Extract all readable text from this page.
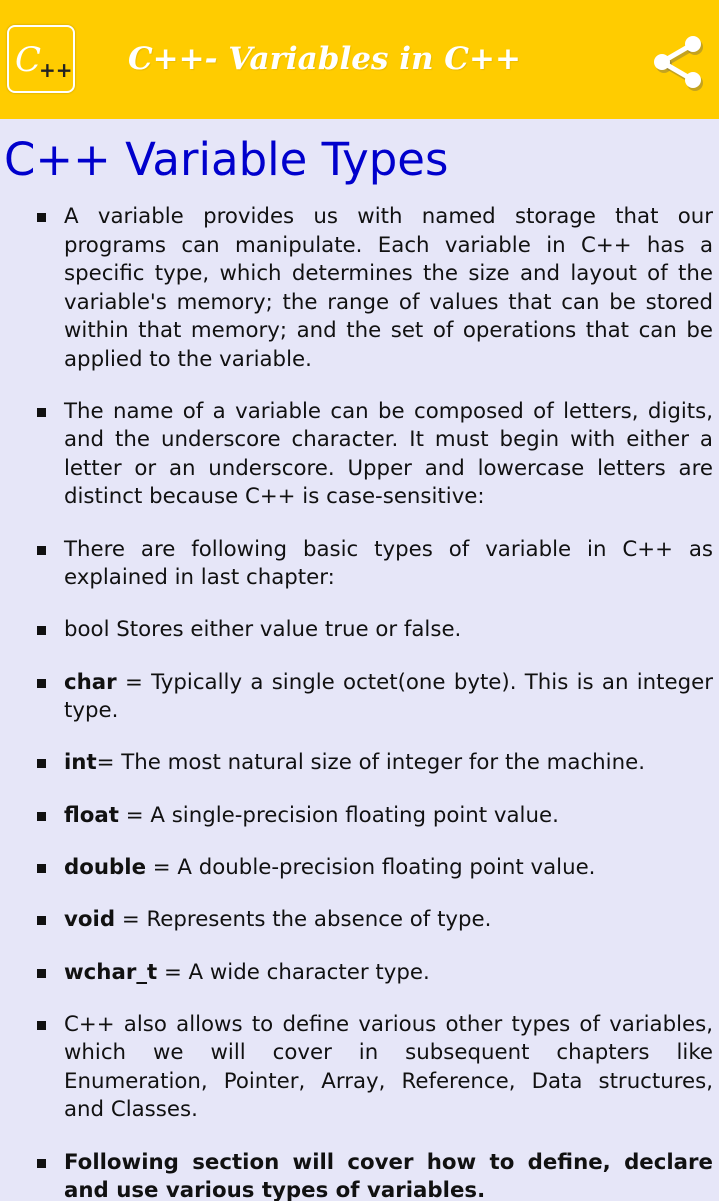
C
++ C++- Variables in C++
C++ Variable Types
A variable provides us with named storage that our programs can manipulate. Each variable in C++ has a specific type, which determines the size and layout of the variable's memory; the range of values that can be stored within that memory; and the set of operations that can be applied to the variable.
The name of a variable can be composed of letters, digits, and the underscore character. It must begin with either a letter or an underscore. Upper and lowercase letters are distinct because C++ is case-sensitive:
There are following basic types of variable in C++ as explained in last chapter:
bool Stores either value true or false.
char = Typically a single octet(one byte). This is an integer type.
int= The most natural size of integer for the machine.
float = A single-precision floating point value.
double = A double-precision floating point value.
void = Represents the absence of type.
wchar_t = A wide character type.
C++ also allows to define various other types of variables, which we will cover in subsequent chapters like Enumeration, Pointer, Array, Reference, Data structures, and Classes.
Following section will cover how to define, declare and use various types of variables.
